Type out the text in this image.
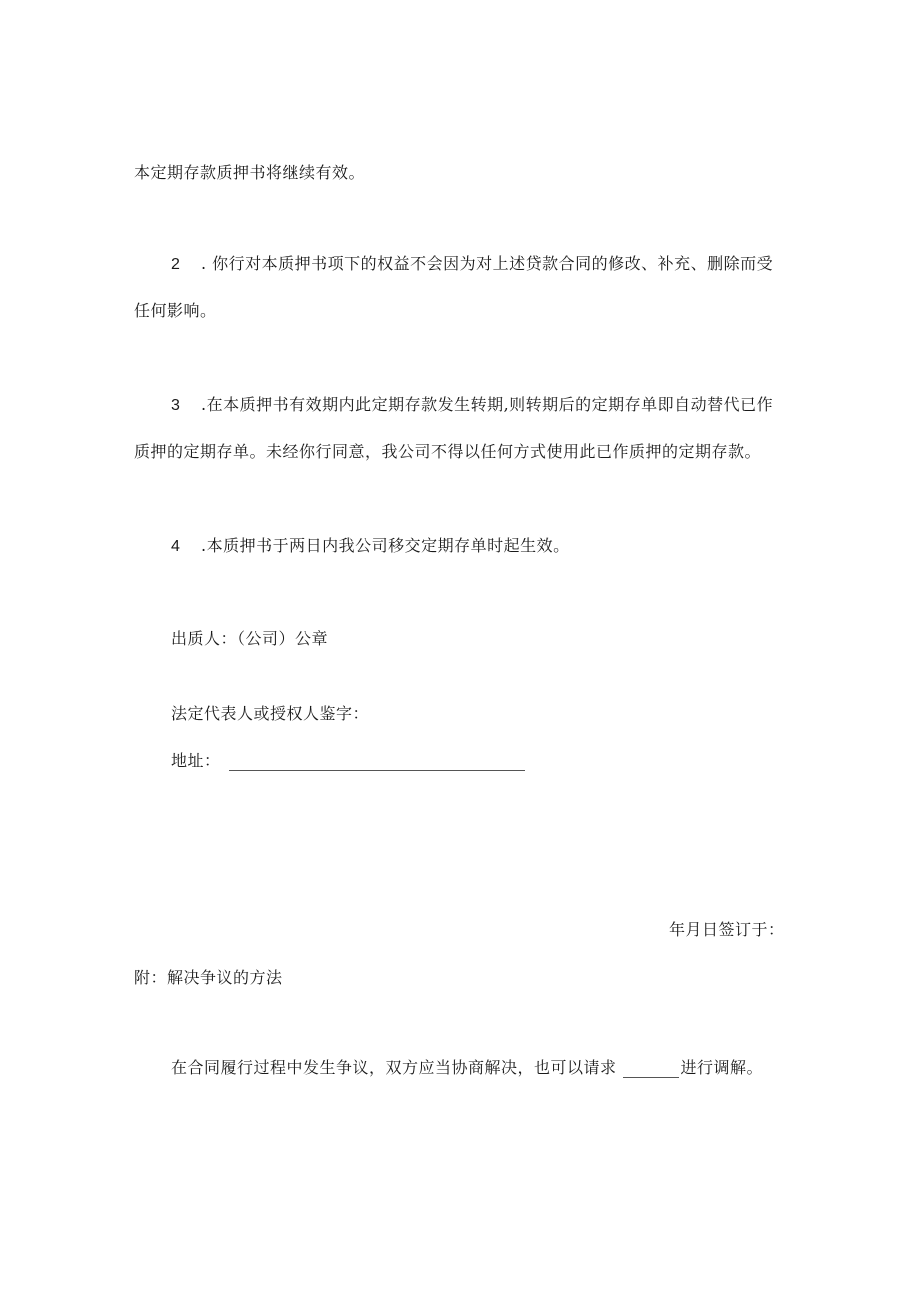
本定期存款质押书将继续有效。
2 . 你行对本质押书项下的权益不会因为对上述贷款合同的修改、补充、删除而受
任何影响。
3 .在本质押书有效期内此定期存款发生转期,则转期后的定期存单即自动替代已作
质押的定期存单。未经你行同意，我公司不得以任何方式使用此已作质押的定期存款。
4 .本质押书于两日内我公司移交定期存单时起生效。
出质人：（公司）公章
法定代表人或授权人鉴字：
地址：
年月日签订于：
附：解决争议的方法
在合同履行过程中发生争议，双方应当协商解决，也可以请求	进行调解。
